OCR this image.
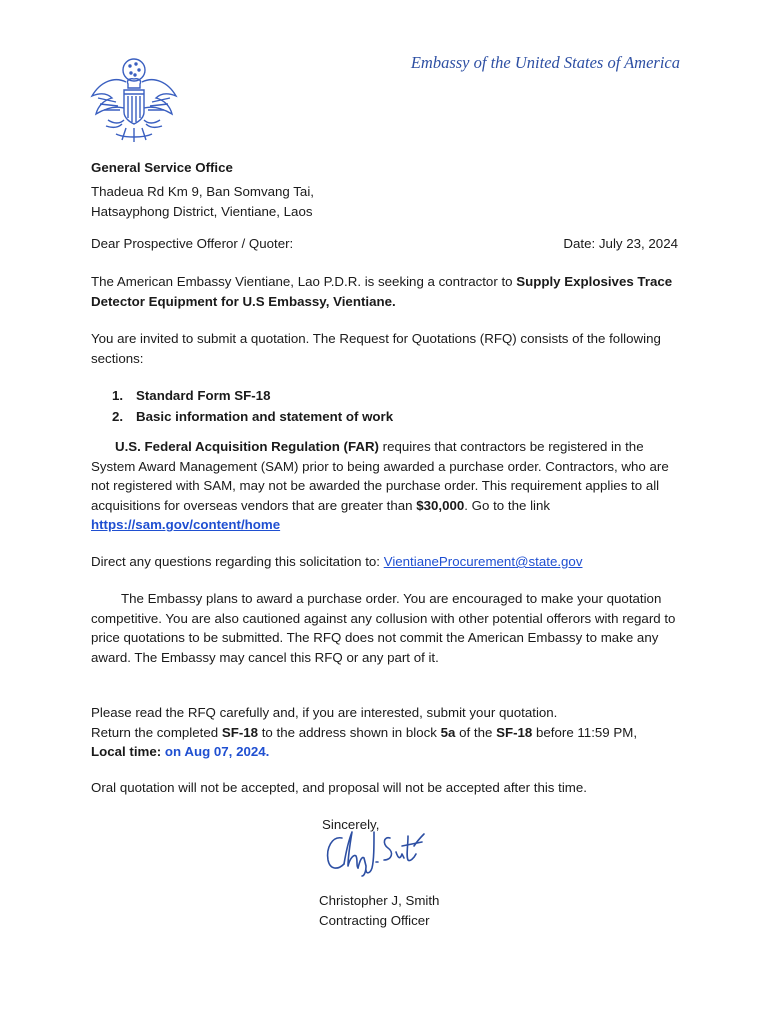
Embassy of the United States of America
General Service Office
Thadeua Rd Km 9, Ban Somvang Tai,
Hatsayphong District, Vientiane, Laos
Dear Prospective Offeror / Quoter:	Date: July 23, 2024
The American Embassy Vientiane, Lao P.D.R. is seeking a contractor to Supply Explosives Trace Detector Equipment for U.S Embassy, Vientiane.
You are invited to submit a quotation. The Request for Quotations (RFQ) consists of the following sections:
1. Standard Form SF-18
2. Basic information and statement of work
U.S. Federal Acquisition Regulation (FAR) requires that contractors be registered in the System Award Management (SAM) prior to being awarded a purchase order. Contractors, who are not registered with SAM, may not be awarded the purchase order. This requirement applies to all acquisitions for overseas vendors that are greater than $30,000. Go to the link
https://sam.gov/content/home
Direct any questions regarding this solicitation to: VientianeProcurement@state.gov
The Embassy plans to award a purchase order. You are encouraged to make your quotation competitive. You are also cautioned against any collusion with other potential offerors with regard to price quotations to be submitted. The RFQ does not commit the American Embassy to make any award. The Embassy may cancel this RFQ or any part of it.
Please read the RFQ carefully and, if you are interested, submit your quotation.
Return the completed SF-18 to the address shown in block 5a of the SF-18 before 11:59 PM,
Local time: on Aug 07, 2024.
Oral quotation will not be accepted, and proposal will not be accepted after this time.
Sincerely,
Christopher J, Smith
Contracting Officer
